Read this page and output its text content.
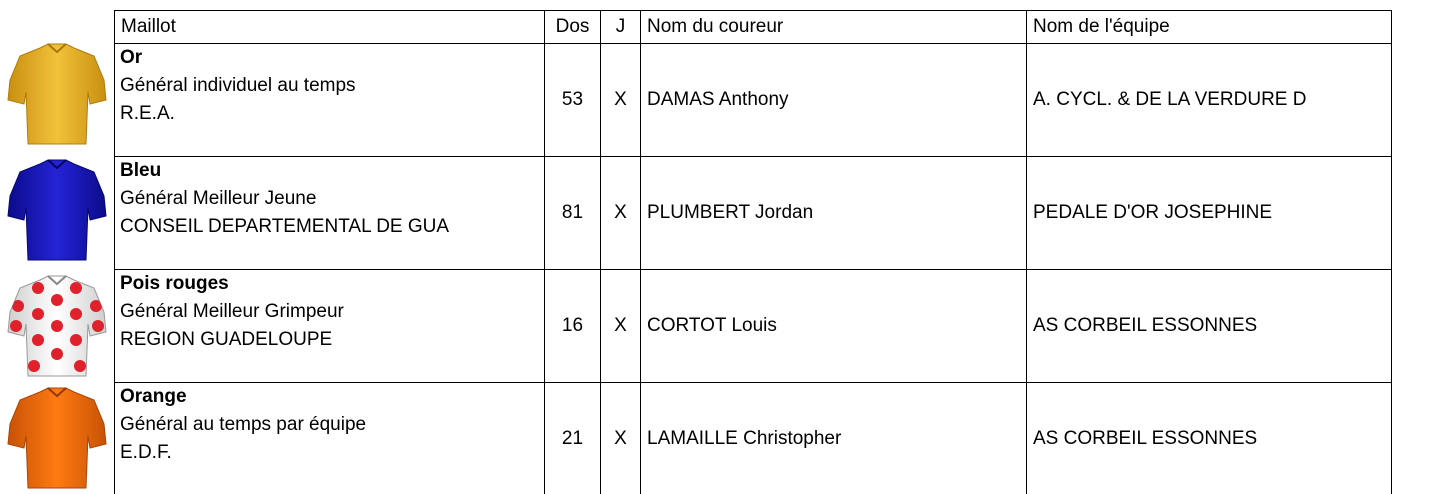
Maillot	Dos	J	Nom du coureur	Nom de l'équipe

Or
Général individuel au temps
R.E.A.	53	X	DAMAS Anthony	A. CYCL. & DE LA VERDURE D

Bleu
Général Meilleur Jeune
CONSEIL DEPARTEMENTAL DE GUA	81	X	PLUMBERT Jordan	PEDALE D'OR JOSEPHINE

Pois rouges
Général Meilleur Grimpeur
REGION GUADELOUPE	16	X	CORTOT Louis	AS CORBEIL ESSONNES

Orange
Général au temps par équipe
E.D.F.	21	X	LAMAILLE Christopher	AS CORBEIL ESSONNES
